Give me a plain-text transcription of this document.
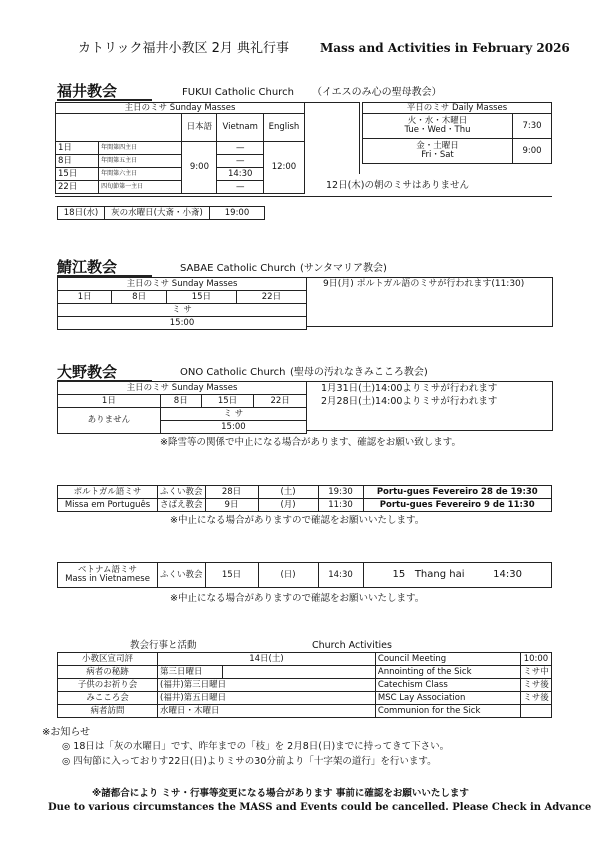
カトリック福井小教区 2月 典礼行事	Mass and Activities in February 2026
福井教会	FUKUI Catholic Church （イエスのみ心の聖母教会）
主日のミサ Sunday Masses				
		日本語	Vietnam	English
1日	年間第四主日	9:00	—	12:00
8日	年間第五主日		—	
15日	年間第六主日		14:30	
22日	四旬節第一主日		—	
平日のミサ Daily Masses	

火・水・木曜日
Tue・Wed・Thu	7:30

金・土曜日
Fri・Sat	9:00
12日(木)の朝のミサはありません
18日(水)	灰の水曜日(大斎・小斎)	19:00
鯖江教会	SABAE Catholic Church (サンタマリア教会)
主日のミサ Sunday Masses
1日	8日	15日	22日
ミ サ
15:00
9日(月) ポルトガル語のミサが行われます(11:30)
大野教会	ONO Catholic Church (聖母の汚れなきみこころ教会)
主日のミサ Sunday Masses			
1日	8日	15日	22日
ありません	ミ サ		
	15:00		
1月31日(土)14:00よりミサが行われます
2月28日(土)14:00よりミサが行われます
※降雪等の関係で中止になる場合があります、確認をお願い致します。
ポルトガル語ミサ	ふくい教会	28日	(土)	19:30	Portu-gues Fevereiro 28 de 19:30
Missa em Português	さばえ教会	9日	(月)	11:30	Portu-gues Fevereiro 9 de 11:30
※中止になる場合がありますので確認をお願いいたします。
ベトナム語ミサ
Mass in Vietnamese	ふくい教会	15日	(日)	14:30	15 Thang hai	14:30
※中止になる場合がありますので確認をお願いいたします。
教会行事と活動	Church Activities
小教区宣司評	14日(土)		Council Meeting	10:00
病者の秘跡	第三日曜日		Annointing of the Sick	ミサ中
子供のお祈り会	(福井)第三日曜日		Catechism Class	ミサ後
みこころ会	(福井)第五日曜日		MSC Lay Association	ミサ後
病者訪問	水曜日・木曜日		Communion for the Sick	
※お知らせ
◎ 18日は「灰の水曜日」です、昨年までの「枝」を 2月8日(日)までに持ってきて下さい。
◎ 四旬節に入っておりす22日(日)よりミサの30分前より「十字架の道行」を行います。
※諸都合により ミサ・行事等変更になる場合があります 事前に確認をお願いいたします
Due to various circumstances the MASS and Events could be cancelled. Please Check in Advance
